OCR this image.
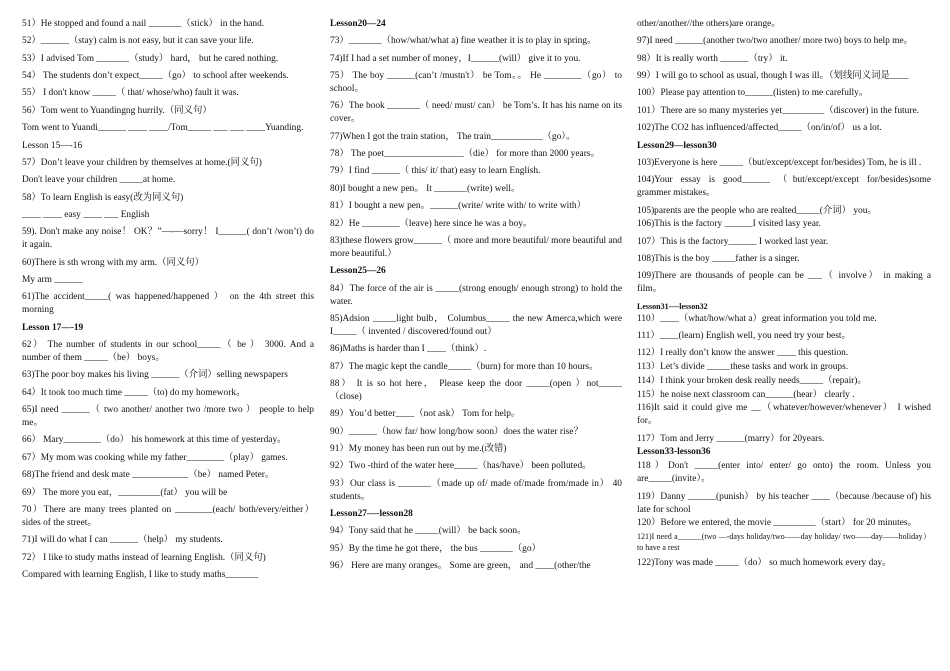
51）He stopped and found a nail _______（stick） in the hand.
52）______（stay) calm is not easy, but it can save your life.
53）I advised Tom _______（study） hard， but he cared nothing.
54） The students don’t expect_____（go） to school after weekends.
55） I don't know _____（ that/ whose/who) fault it was.
56）Tom went to Yuandingng hurrily.（同义句）
Tom went to Yuandi______ ____ ____/Tom_____ ___ ___ ____Yuanding.
Lesson 15—-16
57）Don’t leave your children by themselves at home.(同义句)
Don't leave your children _____at home.
58）To learn English is easy(改为同义句)
____ ____ easy ____ ___ English
59). Don't make any noise！ OK？”—-—sorry！ I______( don’t /won’t) do it again.
60)There is sth wrong with my arm.（同义句）
My arm ______
61)The accident_____( was happened/happened ） on the 4th street this morning
Lesson 17—-19
62） The number of students in our school_____（ be ） 3000. And a number of them _____（be） boys。
63)The poor boy makes his living ______（介词）selling newspapers
64）It took too much time _____（to) do my homework。
65)I need ______（ two another/ another two /more two ） people to help me。
66） Mary________（do） his homework at this time of yesterday。
67）My mom was cooking while my father________（play） games.
68)The friend and desk mate ____________（be） named Peter。
69） The more you eat，_________(fat） you will be
70）There are many trees planted on ________(each/ both/every/either）sides of the street。
71)I will do what I can ______（help） my students.
72） I like to study maths instead of learning English.（同义句)
Compared with learning English, I like to study maths_______
Lesson20—24
73）_______（how/what/what a) fine weather it is to play in spring。
74)If I had a set number of money，I______(will） give it to you.
75） The boy ______(can’t /mustn't） be Tom。。 He ________（go） to school。
76）The book _______（ need/ must/ can） be Tom’s. It has his name on its cover。
77)When I got the train station， The train___________（go）。
78） The poet_________________（die） for more than 2000 years。
79）I find ______（ this/ it/ that) easy to learn English.
80)I bought a new pen。 It _______(write) well。
81）I bought a new pen。______(write/ write with/ to write with）
82）He ________（leave) here since he was a boy。
83)these flowers grow______（ more and more beautiful/ more beautiful and more beautiful.）
Lesson25—26
84）The force of the air is _____(strong enough/ enough strong) to hold the water.
85)Adsion _____light bulb， Columbus_____ the new Amerca,which were I_____（ invented / discovered/found out）
86)Maths is harder than I ____（think）.
87）The magic kept the candle_____（burn) for more than 10 hours。
88） It is so hot here， Please keep the door _____(open ）not_____（close)
89）You’d better____（not ask） Tom for help。
90）______（how far/ how long/how soon）does the water rise？
91）My money has been run out by me.(改错)
92）Two -third of the water here_____（has/have） been polluted。
93）Our class is _______（made up of/ made of/made from/made in） 40 students。
Lesson27—-lesson28
94）Tony said that he _____(will） be back soon。
95）By the time he got there， the bus _______（go）
96） Here are many oranges。 Some are green， and ____(other/the
other/another//the others)are orange。
97)I need ______(another two/two another/ more two) boys to help me。
98）It is really worth ______（try） it.
99）I will go to school as usual, though I was ill。（划线同义词是____
100）Please pay attention to______(listen) to me carefully。
101）There are so many mysteries yet_________（discover) in the future.
102)The CO2 has influenced/affected_____（on/in/of） us a lot.
Lesson29—lesson30
103)Everyone is here _____（but/except/except for/besides) Tom, he is ill .
104)Your essay is good______ （but/except/except for/besides)some grammer mistakes。
105)parents are the people who are realted_____(介词） you。
106)This is the factory ______I visited lasy year.
107）This is the factory______ I worked last year.
108)This is the boy _____father is a singer.
109)There are thousands of people can be ___（ involve） in making a film。
Lesson31-—lesson32
110）____（what/how/what a）great information you told me.
111）____(learn) English well, you need try your best。
112）I really don’t know the answer ____ this question.
113）Let’s divide _____these tasks and work in groups.
114）I think your broken desk really needs_____（repair)。
115）he noise next classroom can______(hear） clearly .
116)It said it could give me __（whatever/however/whenever） I wished for。
117）Tom and Jerry ______(marry）for 20years.
Lesson33-lesson36
118）Don't _____(enter into/ enter/ go onto) the room. Unless you are_____(invite）。
119）Danny ______(punish） by his teacher ____（because /because of) his late for school
120）Before we entered, the movie _________（start） for 20 minutes。
121)I need a______(two —-days holiday/two——day holiday/ two——day——holiday） to have a rest
122)Tony was made _____（do） so much homework every day。
